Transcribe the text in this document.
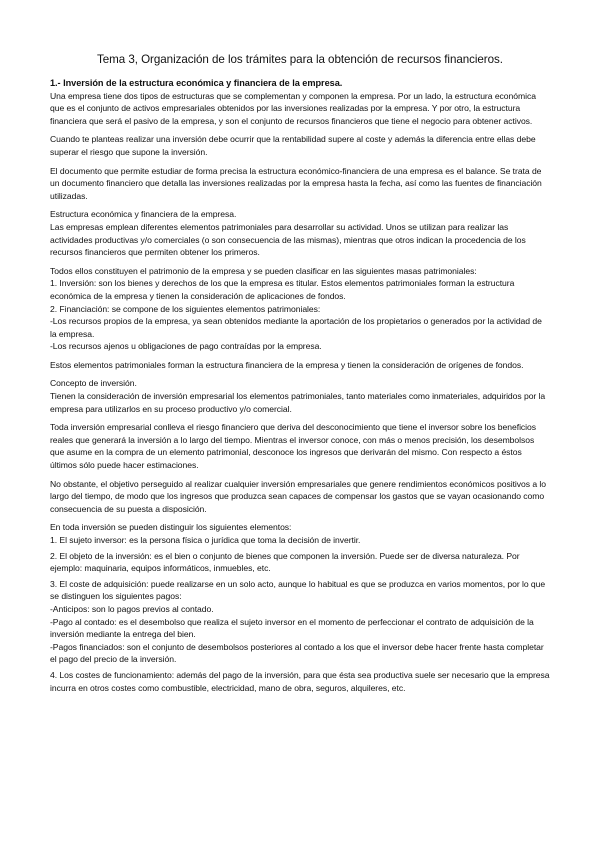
Tema 3, Organización de los trámites para la obtención de recursos financieros.
1.- Inversión de la estructura económica y financiera de la empresa.

Una empresa tiene dos tipos de estructuras que se complementan y componen la empresa. Por un lado, la estructura económica que es el conjunto de activos empresariales obtenidos por las inversiones realizadas por la empresa. Y por otro, la estructura financiera que será el pasivo de la empresa, y son el conjunto de recursos financieros que tiene el negocio para obtener activos.

Cuando te planteas realizar una inversión debe ocurrir que la rentabilidad supere al coste y además la diferencia entre ellas debe superar el riesgo que supone la inversión.

El documento que permite estudiar de forma precisa la estructura económico-financiera de una empresa es el balance. Se trata de un documento financiero que detalla las inversiones realizadas por la empresa hasta la fecha, así como las fuentes de financiación utilizadas.

Estructura económica y financiera de la empresa.

Las empresas emplean diferentes elementos patrimoniales para desarrollar su actividad. Unos se utilizan para realizar las actividades productivas y/o comerciales (o son consecuencia de las mismas), mientras que otros indican la procedencia de los recursos financieros que permiten obtener los primeros.

Todos ellos constituyen el patrimonio de la empresa y se pueden clasificar en las siguientes masas patrimoniales:
1. Inversión: son los bienes y derechos de los que la empresa es titular. Estos elementos patrimoniales forman la estructura económica de la empresa y tienen la consideración de aplicaciones de fondos.
2. Financiación: se compone de los siguientes elementos patrimoniales:
-Los recursos propios de la empresa, ya sean obtenidos mediante la aportación de los propietarios o generados por la actividad de la empresa.

-Los recursos ajenos u obligaciones de pago contraídas por la empresa.

Estos elementos patrimoniales forman la estructura financiera de la empresa y tienen la consideración de orígenes de fondos.

Concepto de inversión.

Tienen la consideración de inversión empresarial los elementos patrimoniales, tanto materiales como inmateriales, adquiridos por la empresa para utilizarlos en su proceso productivo y/o comercial.

Toda inversión empresarial conlleva el riesgo financiero que deriva del desconocimiento que tiene el inversor sobre los beneficios reales que generará la inversión a lo largo del tiempo. Mientras el inversor conoce, con más o menos precisión, los desembolsos que asume en la compra de un elemento patrimonial, desconoce los ingresos que derivarán del mismo. Con respecto a éstos últimos sólo puede hacer estimaciones.

No obstante, el objetivo perseguido al realizar cualquier inversión empresariales que genere rendimientos económicos positivos a lo largo del tiempo, de modo que los ingresos que produzca sean capaces de compensar los gastos que se vayan ocasionando como consecuencia de su puesta a disposición.

En toda inversión se pueden distinguir los siguientes elementos:

1. El sujeto inversor: es la persona física o jurídica que toma la decisión de invertir.

2. El objeto de la inversión: es el bien o conjunto de bienes que componen la inversión. Puede ser de diversa naturaleza. Por ejemplo: maquinaria, equipos informáticos, inmuebles, etc.

3. El coste de adquisición: puede realizarse en un solo acto, aunque lo habitual es que se produzca en varios momentos, por lo que se distinguen los siguientes pagos:
-Anticipos: son lo pagos previos al contado.
-Pago al contado: es el desembolso que realiza el sujeto inversor en el momento de perfeccionar el contrato de adquisición de la inversión mediante la entrega del bien.

-Pagos financiados: son el conjunto de desembolsos posteriores al contado a los que el inversor debe hacer frente hasta completar el pago del precio de la inversión.

4. Los costes de funcionamiento: además del pago de la inversión, para que ésta sea productiva suele ser necesario que la empresa incurra en otros costes como combustible, electricidad, mano de obra, seguros, alquileres, etc.
